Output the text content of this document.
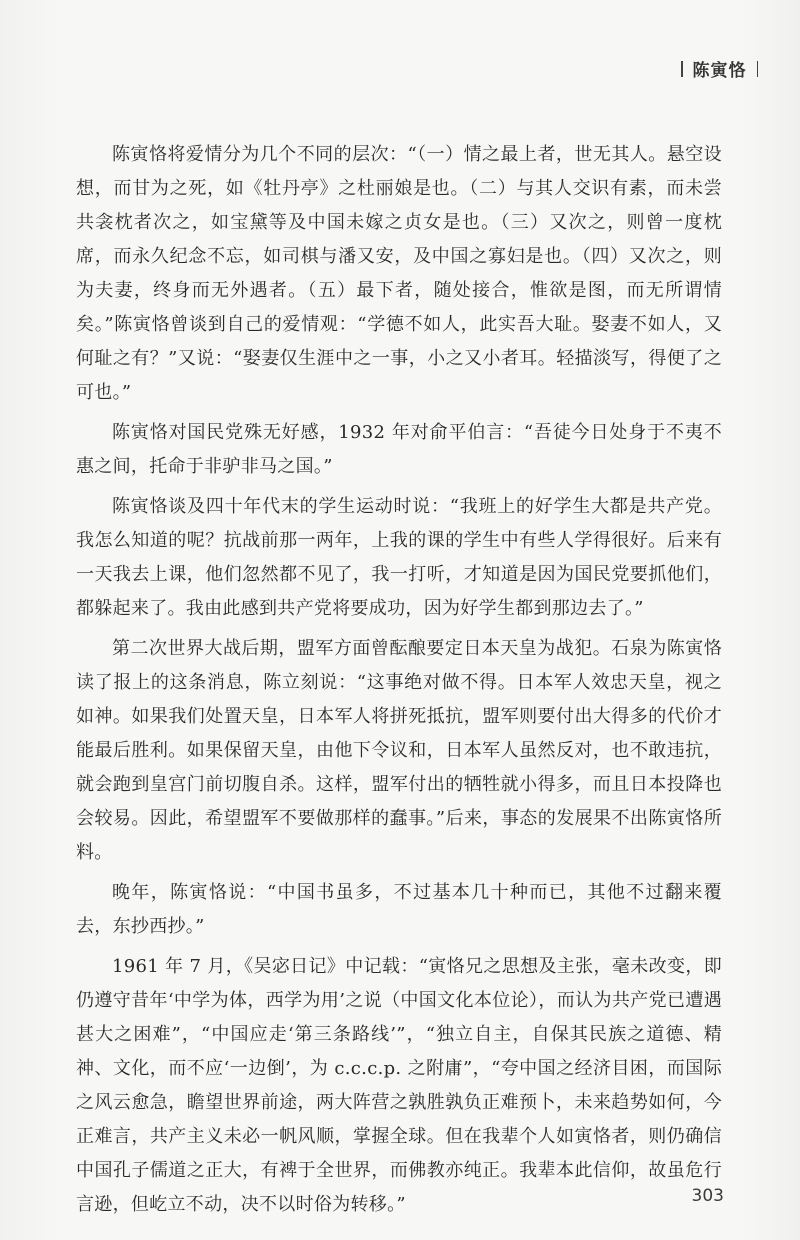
陈寅恪

陈寅恪将爱情分为几个不同的层次：“（一）情之最上者，世无其人。悬空设想，而甘为之死，如《牡丹亭》之杜丽娘是也。（二）与其人交识有素，而未尝共衾枕者次之，如宝黛等及中国未嫁之贞女是也。（三）又次之，则曾一度枕席，而永久纪念不忘，如司棋与潘又安，及中国之寡妇是也。（四）又次之，则为夫妻，终身而无外遇者。（五）最下者，随处接合，惟欲是图，而无所谓情矣。”陈寅恪曾谈到自己的爱情观：“学德不如人，此实吾大耻。娶妻不如人，又何耻之有？”又说：“娶妻仅生涯中之一事，小之又小者耳。轻描淡写，得便了之可也。”

陈寅恪对国民党殊无好感，1932 年对俞平伯言：“吾徒今日处身于不夷不惠之间，托命于非驴非马之国。”

陈寅恪谈及四十年代末的学生运动时说：“我班上的好学生大都是共产党。我怎么知道的呢？抗战前那一两年，上我的课的学生中有些人学得很好。后来有一天我去上课，他们忽然都不见了，我一打听，才知道是因为国民党要抓他们，都躲起来了。我由此感到共产党将要成功，因为好学生都到那边去了。”

第二次世界大战后期，盟军方面曾酝酿要定日本天皇为战犯。石泉为陈寅恪读了报上的这条消息，陈立刻说：“这事绝对做不得。日本军人效忠天皇，视之如神。如果我们处置天皇，日本军人将拼死抵抗，盟军则要付出大得多的代价才能最后胜利。如果保留天皇，由他下令议和，日本军人虽然反对，也不敢违抗，就会跑到皇宫门前切腹自杀。这样，盟军付出的牺牲就小得多，而且日本投降也会较易。因此，希望盟军不要做那样的蠢事。”后来，事态的发展果不出陈寅恪所料。

晚年，陈寅恪说：“中国书虽多，不过基本几十种而已，其他不过翻来覆去，东抄西抄。”

1961 年 7 月，《吴宓日记》中记载：“寅恪兄之思想及主张，毫未改变，即仍遵守昔年‘中学为体，西学为用’之说（中国文化本位论），而认为共产党已遭遇甚大之困难”，“中国应走‘第三条路线’”，“独立自主，自保其民族之道德、精神、文化，而不应‘一边倒’，为 c.c.c.p. 之附庸”，“夸中国之经济目困，而国际之风云愈急，瞻望世界前途，两大阵营之孰胜孰负正难预卜，未来趋势如何，今正难言，共产主义未必一帆风顺，掌握全球。但在我辈个人如寅恪者，则仍确信中国孔子儒道之正大，有裨于全世界，而佛教亦纯正。我辈本此信仰，故虽危行言逊，但屹立不动，决不以时俗为转移。”	303
